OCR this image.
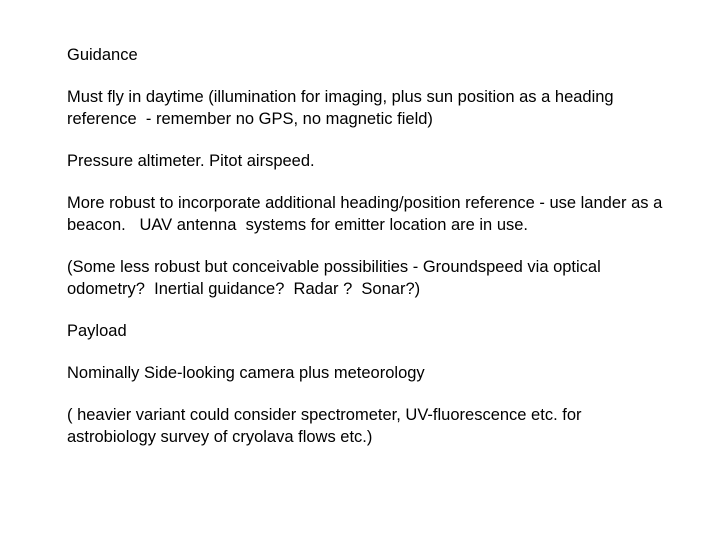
Guidance

Must fly in daytime (illumination for imaging, plus sun position as a heading reference  - remember no GPS, no magnetic field)

Pressure altimeter. Pitot airspeed.

More robust to incorporate additional heading/position reference - use lander as a beacon.   UAV antenna  systems for emitter location are in use.

(Some less robust but conceivable possibilities - Groundspeed via optical odometry?  Inertial guidance?  Radar ?  Sonar?)

Payload

Nominally Side-looking camera plus meteorology

( heavier variant could consider spectrometer, UV-fluorescence etc. for astrobiology survey of cryolava flows etc.)
